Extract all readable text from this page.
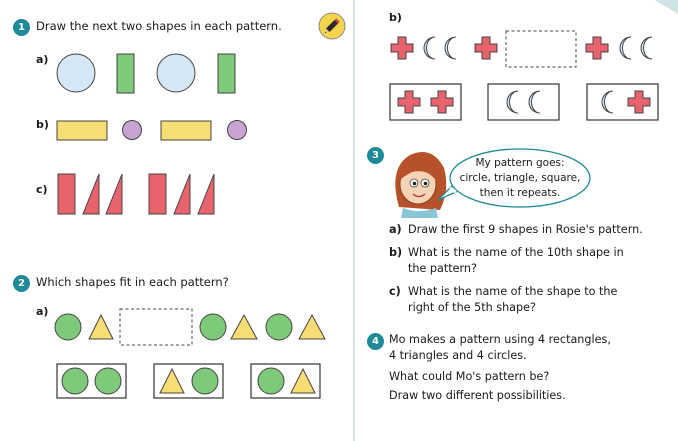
1 Draw the next two shapes in each pattern.
a)
b)
c)
2 Which shapes fit in each pattern?
a)
b)
3
My pattern goes:
circle, triangle, square,
then it repeats.
a) Draw the first 9 shapes in Rosie's pattern.
b) What is the name of the 10th shape in
the pattern?
c) What is the name of the shape to the
right of the 5th shape?
4 Mo makes a pattern using 4 rectangles,
4 triangles and 4 circles.
What could Mo's pattern be?
Draw two different possibilities.
